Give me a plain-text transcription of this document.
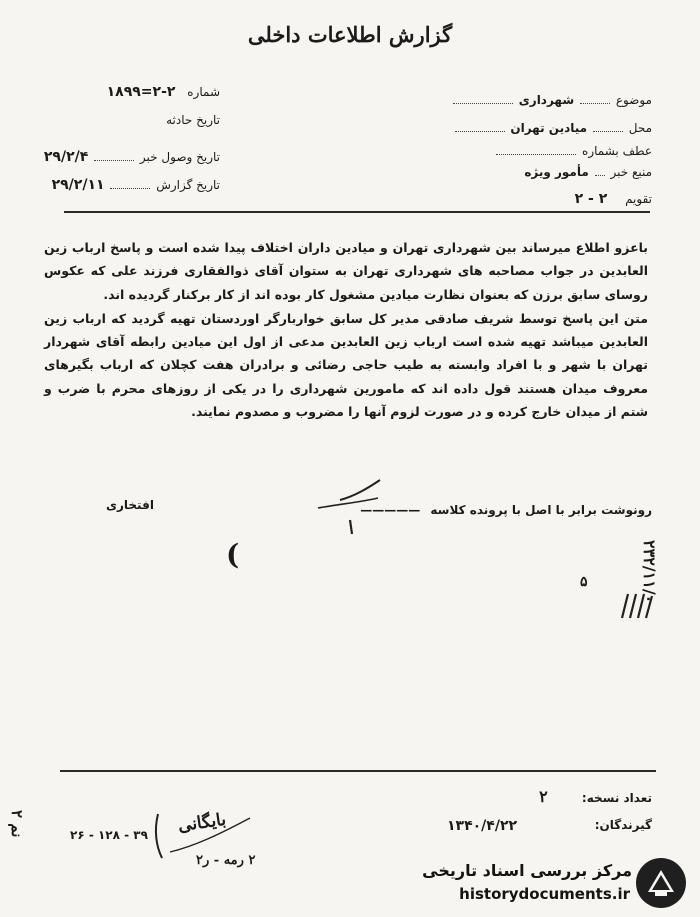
گزارش اطلاعات داخلی
شماره ۲-۲=۱۸۹۹
تاریخ حادثه
تاریخ وصول خبر  ۲۹/۲/۴
تاریخ گزارش  ۲۹/۲/۱۱
موضوع  شهرداری
محل  میادین تهران
عطف بشماره
منبع خبر  مأمور ویژه
تقویم ۲ - ۲

باعزو اطلاع میرساند بین شهرداری تهران و میادین داران اختلاف پیدا شده است و پاسخ ارباب زین العابدین در جواب مصاحبه های شهرداری تهران به ستوان آقای ذوالفقاری فرزند علی که عکوس روسای سابق برزن که بعنوان نظارت میادین مشغول کار بوده اند از کار برکنار گردیده اند.

متن این پاسخ توسط شریف صادقی مدیر کل سابق خواربارگر اوردستان تهیه گردید که ارباب زین العابدین میباشد تهیه شده است ارباب زین العابدین مدعی از اول این میادین رابطه آقای شهردار تهران با شهر و با افراد وابسته به طیب حاجی رضائی و برادران هفت کچلان که ارباب بگیرهای معروف میدان هستند قول داده اند که مامورین شهرداری را در یکی از روزهای محرم با ضرب و شتم از میدان خارج کرده و در صورت لزوم آنها را مضروب و مصدوم نمایند.

رونوشت برابر با اصل با پرونده کلاسه —————
افتخاری
(	۲۳۲/۱۱/۰
۵
تعداد نسخه: ۲
گیرندگان:
۱۳۴۰/۴/۲۲
بایگانی
۲ رمه - ر۲
۲۶ - ۱۲۸ - ۳۹
۲ نم
مرکز بررسی اسناد تاریخی
historydocuments.ir
